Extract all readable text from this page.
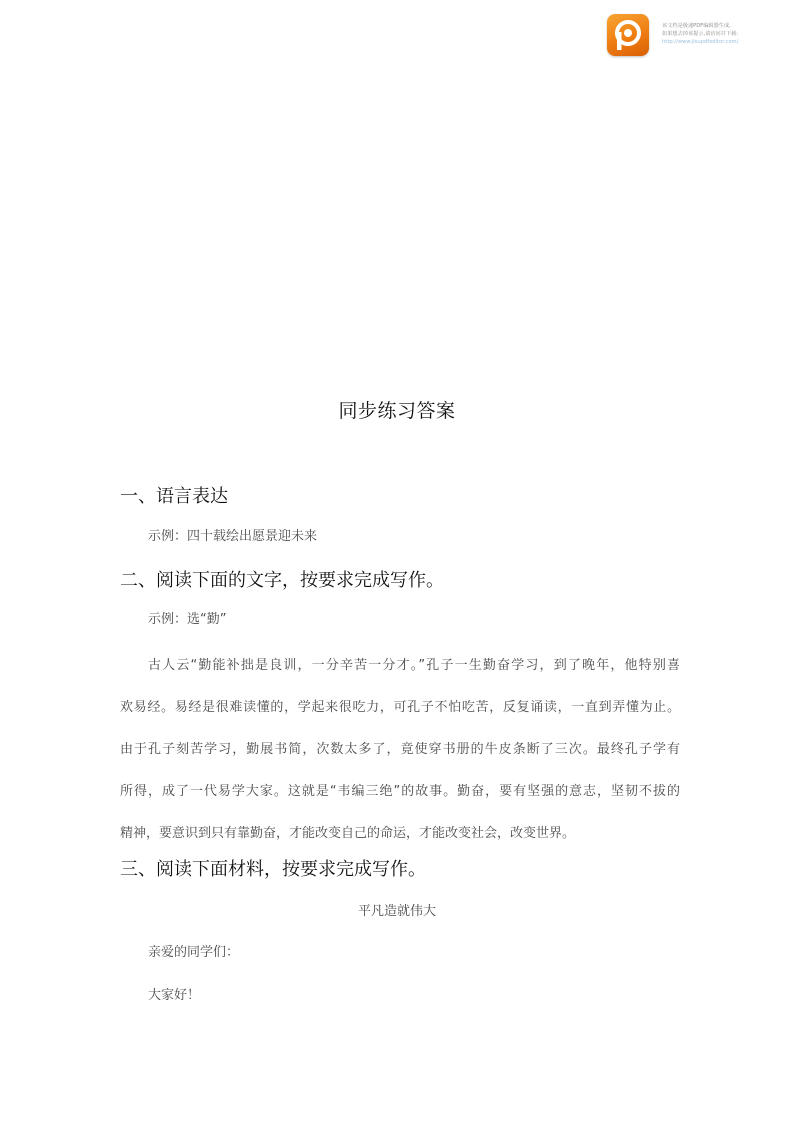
该文档是极速PDF编辑器生成,
如果想去掉该提示,请访问并下载:
http://www.jisupdfeditor.com/
同步练习答案
一、语言表达
示例：四十载绘出愿景迎未来
二、阅读下面的文字，按要求完成写作。
示例：选“勤”
古人云“勤能补拙是良训，一分辛苦一分才。”孔子一生勤奋学习，到了晚年，他特别喜
欢易经。易经是很难读懂的，学起来很吃力，可孔子不怕吃苦，反复诵读，一直到弄懂为止。
由于孔子刻苦学习，勤展书简，次数太多了，竟使穿书册的牛皮条断了三次。最终孔子学有
所得，成了一代易学大家。这就是“韦编三绝”的故事。勤奋，要有坚强的意志，坚韧不拔的
精神，要意识到只有靠勤奋，才能改变自己的命运，才能改变社会，改变世界。
三、阅读下面材料，按要求完成写作。
平凡造就伟大
亲爱的同学们：
大家好！
